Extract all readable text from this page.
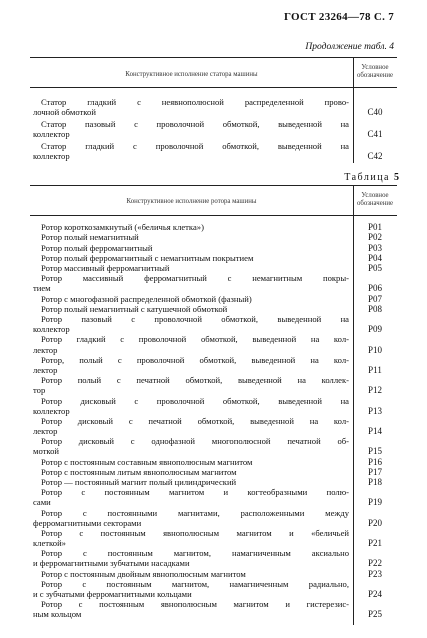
ГОСТ 23264—78 С. 7
Продолжение табл. 4
Конструктивное исполнение статора машины
Условное
обозначение
Статор гладкий с неявнополюсной распределенной прово-
лочной обмоткой	C40
Статор пазовый с проволочной обмоткой, выведенной на
коллектор	C41
Статор гладкий с проволочной обмоткой, выведенной на
коллектор	C42
Таблица 5
Конструктивное исполнение ротора машины
Условное
обозначение
Ротор короткозамкнутый («беличья клетка»)	P01
Ротор полый немагнитный	P02
Ротор полый ферромагнитный	P03
Ротор полый ферромагнитный с немагнитным покрытием	P04
Ротор массивный ферромагнитный	P05
Ротор массивный ферромагнитный с немагнитным покры-
тием	P06
Ротор с многофазной распределенной обмоткой (фазный)	P07
Ротор полый немагнитный с катушечной обмоткой	P08
Ротор пазовый с проволочной обмоткой, выведенной на
коллектор	P09
Ротор гладкий с проволочной обмоткой, выведенной на кол-
лектор	P10
Ротор, полый с проволочной обмоткой, выведенной на кол-
лектор	P11
Ротор полый с печатной обмоткой, выведенной на коллек-
тор	P12
Ротор дисковый с проволочной обмоткой, выведенной на
коллектор	P13
Ротор дисковый с печатной обмоткой, выведенной на кол-
лектор	P14
Ротор дисковый с однофазной многополюсной печатной об-
моткой	P15
Ротор с постоянным составным явнополюсным магнитом	P16
Ротор с постоянным литым явнополюсным магнитом	P17
Ротор — постоянный магнит полый цилиндрический	P18
Ротор с постоянным магнитом и когтеобразными полю-
сами	P19
Ротор с постоянными магнитами, расположенными между
ферромагнитными секторами	P20
Ротор с постоянным явнополюсным магнитом и «беличьей
клеткой»	P21
Ротор с постоянным магнитом, намагниченным аксиально
и ферромагнитными зубчатыми насадками	P22
Ротор с постоянным двойным явнополюсным магнитом	P23
Ротор с постоянным магнитом, намагниченным радиально,
и с зубчатыми ферромагнитными кольцами	P24
Ротор с постоянным явнополюсным магнитом и гистерезис-
ным кольцом	P25
